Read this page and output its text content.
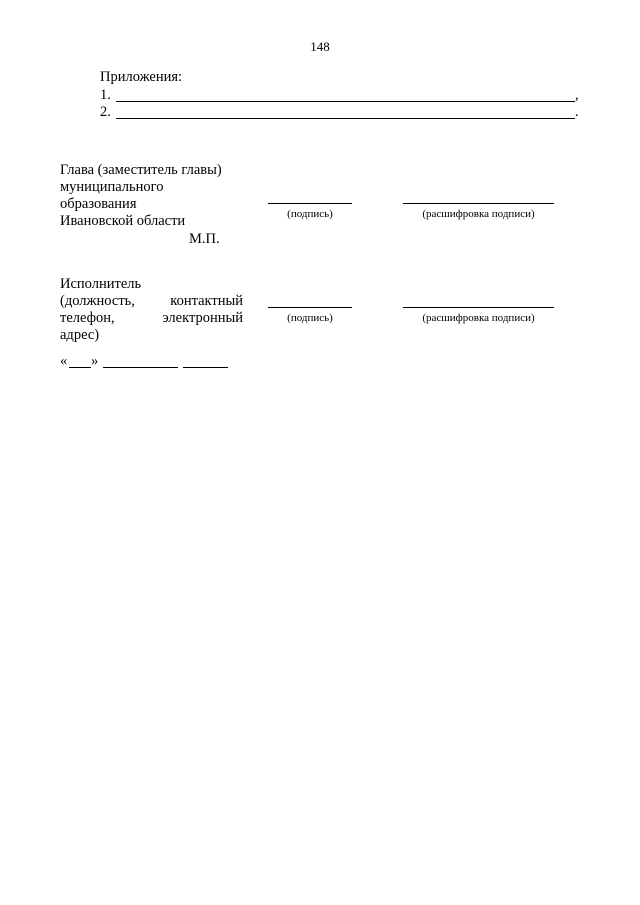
148
Приложения:
1.	,
2.	.
Глава (заместитель главы)
муниципального
образования
Ивановской области
М.П.
(подпись)	(расшифровка подписи)
Исполнитель
(должность, контактный
телефон,	электронный
адрес)
(подпись)	(расшифровка подписи)
« »
